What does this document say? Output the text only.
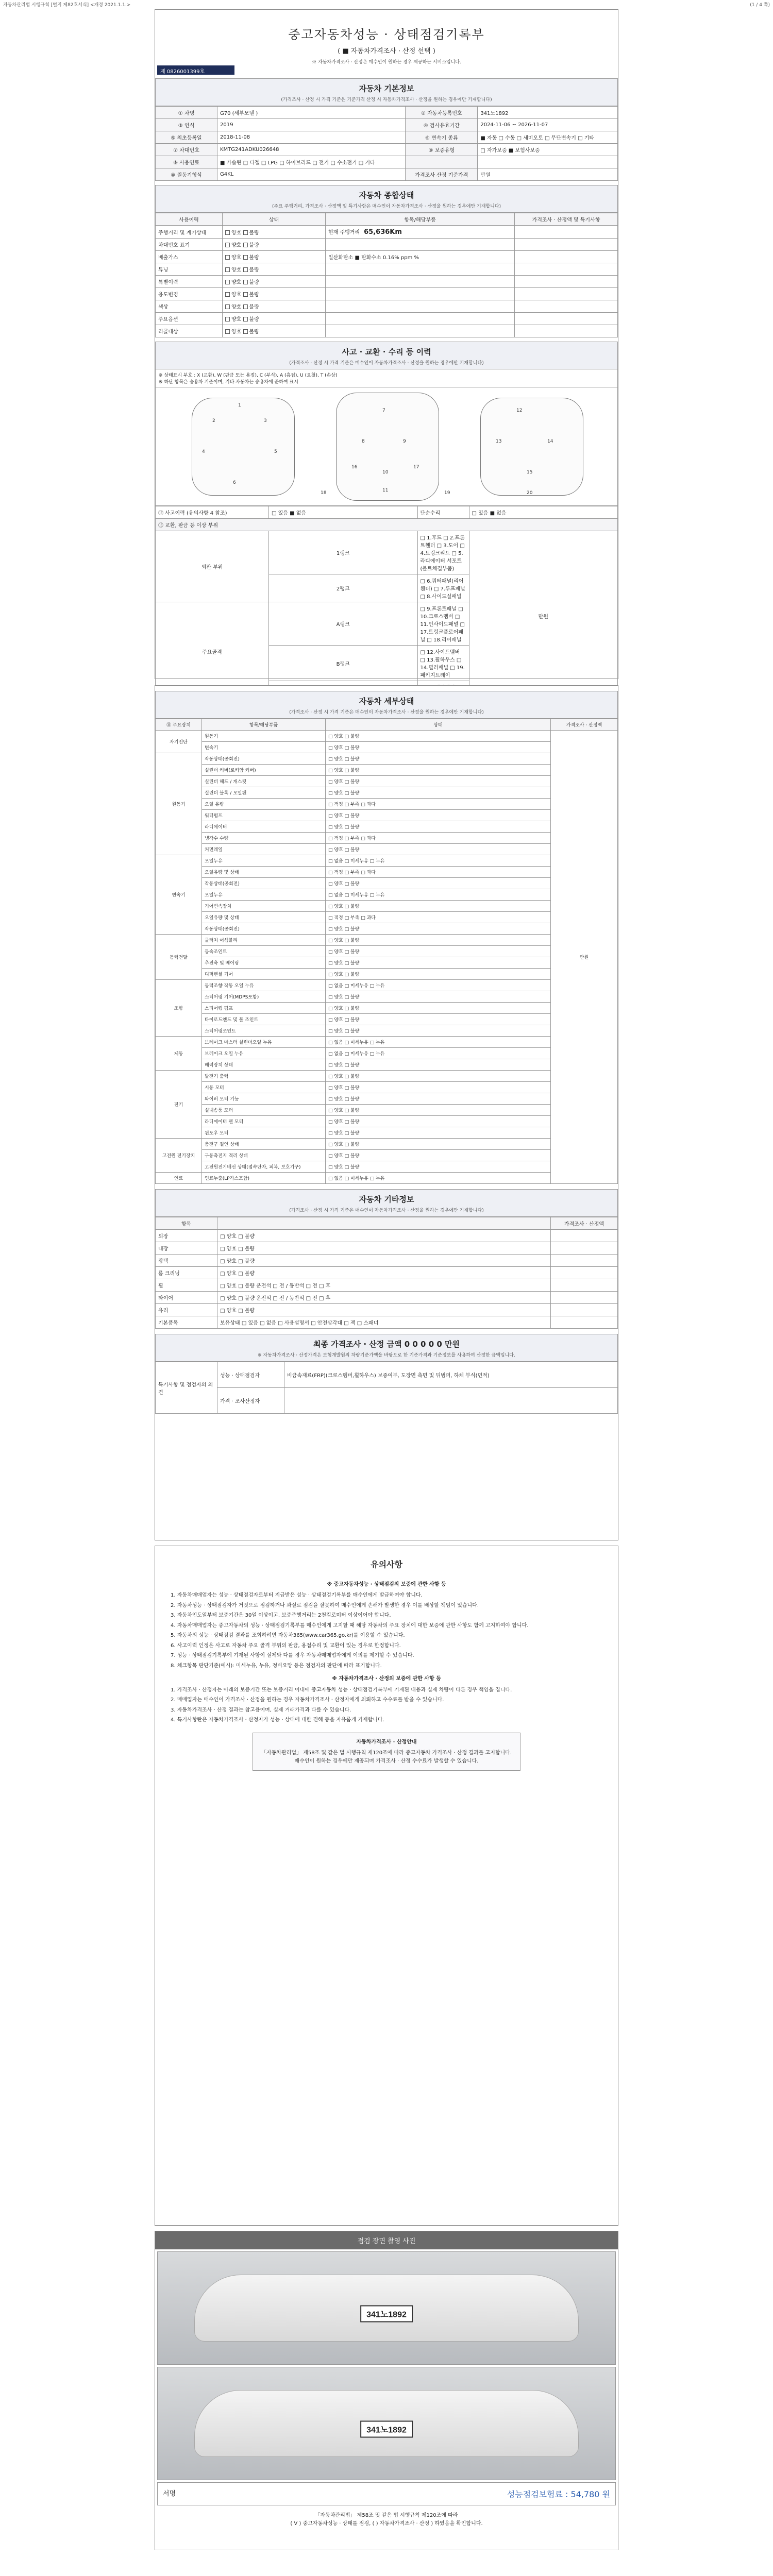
자동차관리법 시행규칙 [별지 제82호서식] <개정 2021.1.1.>	(1 / 4 쪽)
중고자동차성능 · 상태점검기록부
( ■ 자동차가격조사 · 산정 선택 )
※ 자동차가격조사 · 산정은 매수인이 원하는 경우 제공하는 서비스입니다.
제 0826001399호
자동차 기본정보
(가격조사 · 산정 시 가격 기준은 기준가격 산정 시 자동차가격조사 · 산정을 원하는 경우에만 기재합니다)
① 차명	G70 (세부모델 )	② 자동차등록번호	341노1892
③ 연식	2019	④ 검사유효기간	2024-11-06 ~ 2026-11-07
⑤ 최초등록일	2018-11-08	⑥ 변속기 종류	■ 자동 □ 수동 □ 세미오토 □ 무단변속기 □ 기타
⑦ 차대번호	KMTG241ADKU026648	⑧ 보증유형	□ 자가보증 ■ 보험사보증
⑨ 사용연료	■ 가솔린 □ 디젤 □ LPG □ 하이브리드 □ 전기 □ 수소전기 □ 기타		
⑩ 원동기형식	G4KL	가격조사 산정 기준가격	만원
자동차 종합상태
(주요 주행거리, 가격조사 · 산정액 및 특기사항은 매수인이 자동차가격조사 · 산정을 원하는 경우에만 기재합니다)
사용이력	상태	항목/해당부품	가격조사 · 산정액 및 특기사항
주행거리 및 계기상태	양호 불량	현재 주행거리 65,636Km	
차대번호 표기	양호 불량		
배출가스	양호 불량	일산화탄소 ■ 탄화수소 0.16% ppm %	
튜닝	양호 불량		
특별이력	양호 불량		
용도변경	양호 불량		
색상	양호 불량		
주요옵션	양호 불량		
리콜대상	양호 불량		
사고 · 교환 · 수리 등 이력
(가격조사 · 산정 시 가격 기준은 매수인이 자동차가격조사 · 산정을 원하는 경우에만 기재합니다)
※ 상태표시 부호 : X (교환), W (판금 또는 용접), C (부식), A (흠집), U (요철), T (손상)
※ 하단 항목은 승용차 기준이며, 기타 자동차는 승용차에 준하여 표시
1
2	3
4	5
6
7
8	9
10
11
12
13	14
15
16	17
18	19	20
⑫ 사고이력 (유의사항 4 참조)	□ 있음 ■ 없음	단순수리	□ 있음 ■ 없음
⑬ 교환, 판금 등 이상 부위			
외판 부위	1랭크	□ 1.후드 □ 2.프론트휀더 □ 3.도어 □ 4.트렁크리드 □ 5.라디에이터 서포트(볼트체결부품)	만원
	2랭크	□ 6.쿼터패널(리어휀더) □ 7.루프패널 □ 8.사이드실패널	
주요골격	A랭크	□ 9.프론트패널 □ 10.크로스멤버 □ 11.인사이드패널 □ 17.트렁크플로어패널 □ 18.리어패널	
	B랭크	□ 12.사이드멤버 □ 13.휠하우스 □ 14.필러패널 □ 19.패키지트레이	

자동차 세부상태
(가격조사 · 산정 시 가격 기준은 매수인이 자동차가격조사 · 산정을 원하는 경우에만 기재합니다)
⑭ 주요장치	항목/해당부품	상태	가격조사 · 산정액
자기진단	원동기	□ 양호 □ 불량	만원
	변속기	□ 양호 □ 불량	
원동기	작동상태(공회전)	□ 양호 □ 불량	
	실린더 커버(로커암 커버)	□ 양호 □ 불량	
	실린더 헤드 / 개스킷	□ 양호 □ 불량	
	실린더 블록 / 오일팬	□ 양호 □ 불량	
	오일 유량	□ 적정 □ 부족 □ 과다	
	워터펌프	□ 양호 □ 불량	
	라디에이터	□ 양호 □ 불량	
	냉각수 수량	□ 적정 □ 부족 □ 과다	
	커먼레일	□ 양호 □ 불량	
변속기	오일누유	□ 없음 □ 미세누유 □ 누유	
	오일유량 및 상태	□ 적정 □ 부족 □ 과다	
	작동상태(공회전)	□ 양호 □ 불량	
	오일누유	□ 없음 □ 미세누유 □ 누유	
	기어변속장치	□ 양호 □ 불량	
	오일유량 및 상태	□ 적정 □ 부족 □ 과다	
	작동상태(공회전)	□ 양호 □ 불량	
동력전달	클러치 어셈블리	□ 양호 □ 불량	
	등속조인트	□ 양호 □ 불량	
	추진축 및 베어링	□ 양호 □ 불량	
	디퍼렌셜 기어	□ 양호 □ 불량	
조향	동력조향 작동 오일 누유	□ 없음 □ 미세누유 □ 누유	
	스티어링 기어(MDPS포함)	□ 양호 □ 불량	
	스티어링 펌프	□ 양호 □ 불량	
	타이로드엔드 및 볼 조인트	□ 양호 □ 불량	
	스티어링조인트	□ 양호 □ 불량	
제동	브레이크 마스터 실린더오일 누유	□ 없음 □ 미세누유 □ 누유	
	브레이크 오일 누유	□ 없음 □ 미세누유 □ 누유	
	배력장치 상태	□ 양호 □ 불량	
전기	발전기 출력	□ 양호 □ 불량	
	시동 모터	□ 양호 □ 불량	
	와이퍼 모터 기능	□ 양호 □ 불량	
	실내송풍 모터	□ 양호 □ 불량	
	라디에이터 팬 모터	□ 양호 □ 불량	
	윈도우 모터	□ 양호 □ 불량	
고전원 전기장치	충전구 절연 상태	□ 양호 □ 불량	
	구동축전지 격리 상태	□ 양호 □ 불량	
	고전원전기배선 상태(접속단자, 피복, 보호기구)	□ 양호 □ 불량	
연료	연료누출(LP가스포함)	□ 없음 □ 미세누유 □ 누유	
자동차 기타정보
(가격조사 · 산정 시 가격 기준은 매수인이 자동차가격조사 · 산정을 원하는 경우에만 기재합니다)
항목		가격조사 · 산정액
외장	□ 양호 □ 불량	
내장	□ 양호 □ 불량	
광택	□ 양호 □ 불량	
룸 크리닝	□ 양호 □ 불량	
휠	□ 양호 □ 불량 운전석 □ 전 / 동반석 □ 전 □ 후	
타이어	□ 양호 □ 불량 운전석 □ 전 / 동반석 □ 전 □ 후	
유리	□ 양호 □ 불량	
기본품목	보유상태 □ 있음 □ 없음 □ 사용설명서 □ 안전삼각대 □ 잭 □ 스패너	
최종 가격조사 · 산정 금액 0 0 0 0 0 만원
※ 자동차가격조사 · 산정가격은 보험개발원의 차량기준가액을 바탕으로 한 기준가격과 기준정보를 사용하여 산정한 금액입니다.
특기사항 및 점검자의 의견	성능 · 상태점검자	비금속재료(FRP)(크로스멤버,휠하우스) 보증여부, 도장면 측면 및 뒤범퍼, 하체 부식(면적)
	가격 · 조사산정자	
유의사항
※ 중고자동차성능 · 상태점검의 보증에 관한 사항 등

1. 자동차매매업자는 성능 · 상태점검자로부터 지급받은 성능 · 상태점검기록부를 매수인에게 발급하여야 합니다.

2. 자동차성능 · 상태점검자가 거짓으로 점검하거나 과실로 점검을 잘못하여 매수인에게 손해가 발생한 경우 이를 배상할 책임이 있습니다.

3. 자동차인도일부터 보증기간은 30일 이상이고, 보증주행거리는 2천킬로미터 이상이어야 합니다.

4. 자동차매매업자는 중고자동차의 성능 · 상태점검기록부를 매수인에게 고지할 때 해당 자동차의 주요 장치에 대한 보증에 관한 사항도 함께 고지하여야 합니다.

5. 자동차의 성능 · 상태점검 결과를 조회하려면 자동차365(www.car365.go.kr)를 이용할 수 있습니다.

6. 사고이력 인정은 사고로 자동차 주요 골격 부위의 판금, 용접수리 및 교환이 있는 경우로 한정합니다.

7. 성능 · 상태점검기록부에 기재된 사항이 실제와 다를 경우 자동차매매업자에게 이의를 제기할 수 있습니다.

8. 체크항목 판단기준(예시): 미세누유, 누유, 정비요망 등은 점검자의 판단에 따라 표기합니다.

※ 자동차가격조사 · 산정의 보증에 관한 사항 등

1. 가격조사 · 산정자는 아래의 보증기간 또는 보증거리 이내에 중고자동차 성능 · 상태점검기록부에 기재된 내용과 실제 차량이 다른 경우 책임을 집니다.

2. 매매업자는 매수인이 가격조사 · 산정을 원하는 경우 자동차가격조사 · 산정자에게 의뢰하고 수수료를 받을 수 있습니다.

3. 자동차가격조사 · 산정 결과는 참고용이며, 실제 거래가격과 다를 수 있습니다.

4. 특기사항란은 자동차가격조사 · 산정자가 성능 · 상태에 대한 견해 등을 자유롭게 기재합니다.

자동차가격조사 · 산정안내
「자동차관리법」 제58조 및 같은 법 시행규칙 제120조에 따라 중고자동차 가격조사 · 산정 결과를 고지합니다. 매수인이 원하는 경우에만 제공되며 가격조사 · 산정 수수료가 발생할 수 있습니다.
점검 장면 촬영 사진
341노1892
341노1892
서명	성능점검보험료 : 54,780 원
「자동차관리법」 제58조 및 같은 법 시행규칙 제120조에 따라
( V ) 중고자동차성능 · 상태를 점검, ( ) 자동차가격조사 · 산정 ) 하였음을 확인합니다.
